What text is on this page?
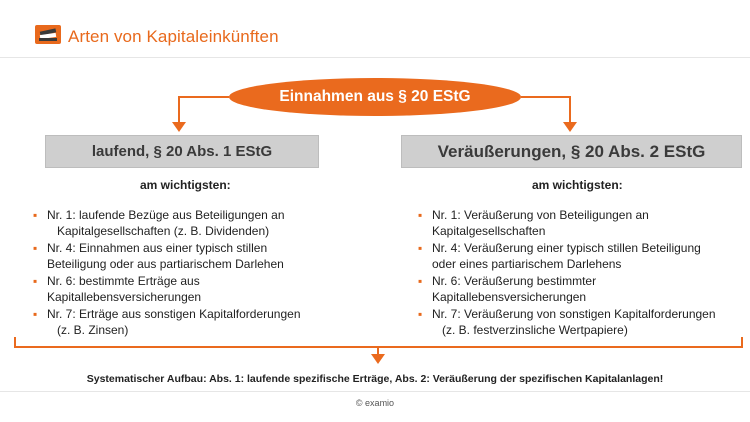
Arten von Kapitaleinkünften
Einnahmen aus § 20 EStG
laufend, § 20 Abs. 1 EStG	Veräußerungen, § 20 Abs. 2 EStG
am wichtigsten:	am wichtigsten:
▪ Nr. 1: laufende Bezüge aus Beteiligungen an
Kapitalgesellschaften (z. B. Dividenden)
▪ Nr. 4: Einnahmen aus einer typisch stillen
Beteiligung oder aus partiarischem Darlehen
▪ Nr. 6: bestimmte Erträge aus
Kapitallebensversicherungen
▪ Nr. 7: Erträge aus sonstigen Kapitalforderungen
(z. B. Zinsen)
▪ Nr. 1: Veräußerung von Beteiligungen an
Kapitalgesellschaften
▪ Nr. 4: Veräußerung einer typisch stillen Beteiligung
oder eines partiarischem Darlehens
▪ Nr. 6: Veräußerung bestimmter
Kapitallebensversicherungen
▪ Nr. 7: Veräußerung von sonstigen Kapitalforderungen
(z. B. festverzinsliche Wertpapiere)
Systematischer Aufbau: Abs. 1: laufende spezifische Erträge, Abs. 2: Veräußerung der spezifischen Kapitalanlagen!
© examio
